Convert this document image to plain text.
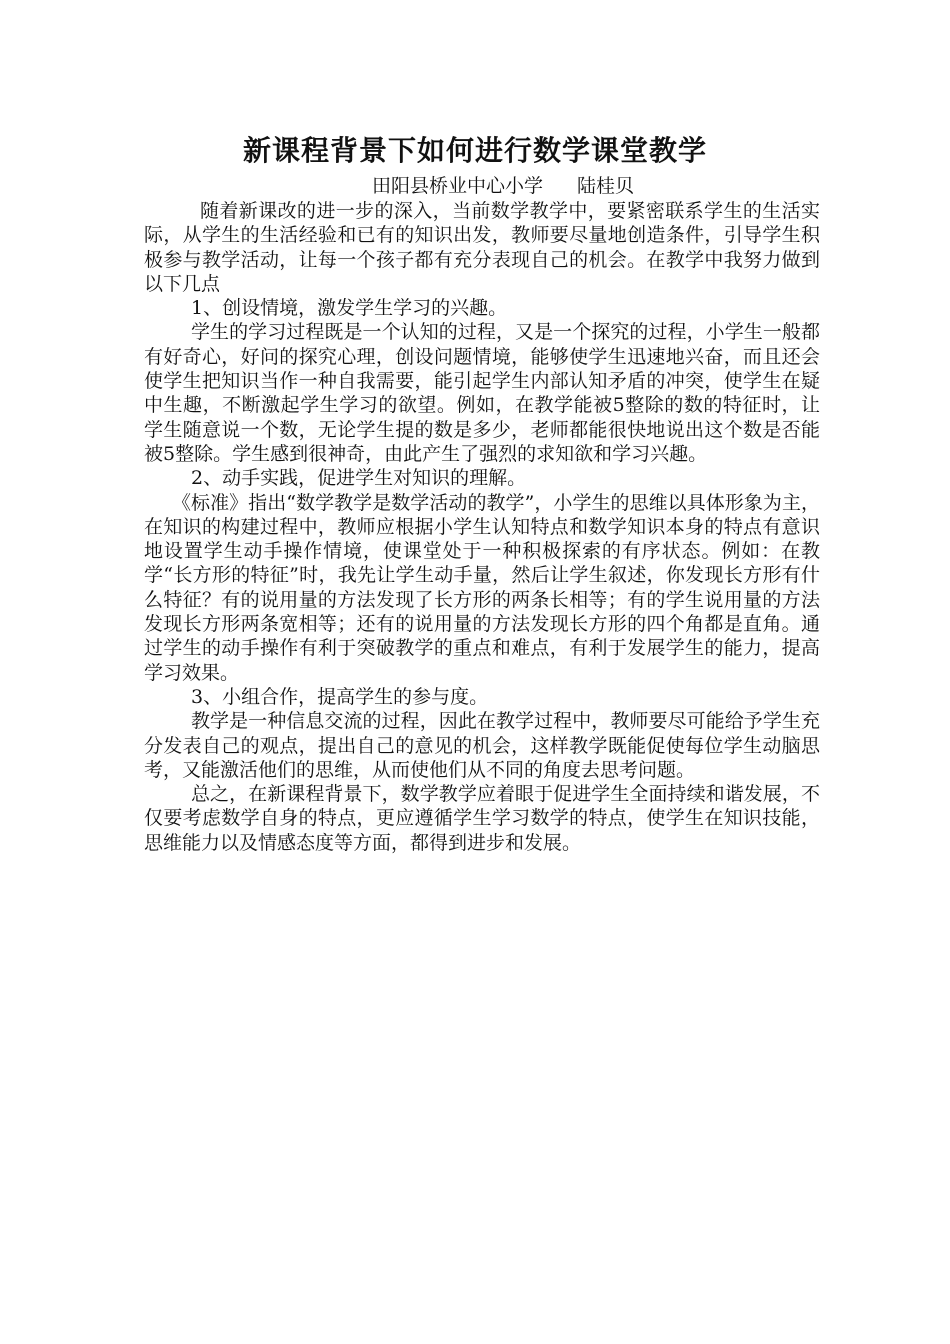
新课程背景下如何进行数学课堂教学
田阳县桥业中心小学 陆桂贝

随着新课改的进一步的深入，当前数学教学中，要紧密联系学生的生活实际，从学生的生活经验和已有的知识出发，教师要尽量地创造条件，引导学生积极参与教学活动，让每一个孩子都有充分表现自己的机会。在教学中我努力做到以下几点

1、创设情境，激发学生学习的兴趣。

学生的学习过程既是一个认知的过程，又是一个探究的过程，小学生一般都有好奇心，好问的探究心理，创设问题情境，能够使学生迅速地兴奋，而且还会使学生把知识当作一种自我需要，能引起学生内部认知矛盾的冲突，使学生在疑中生趣，不断激起学生学习的欲望。例如，在教学能被5整除的数的特征时，让学生随意说一个数，无论学生提的数是多少，老师都能很快地说出这个数是否能被5整除。学生感到很神奇，由此产生了强烈的求知欲和学习兴趣。

2、动手实践，促进学生对知识的理解。

《标准》指出“数学教学是数学活动的教学”，小学生的思维以具体形象为主，在知识的构建过程中，教师应根据小学生认知特点和数学知识本身的特点有意识地设置学生动手操作情境，使课堂处于一种积极探索的有序状态。例如：在教学“长方形的特征”时，我先让学生动手量，然后让学生叙述，你发现长方形有什么特征？有的说用量的方法发现了长方形的两条长相等；有的学生说用量的方法发现长方形两条宽相等；还有的说用量的方法发现长方形的四个角都是直角。通过学生的动手操作有利于突破教学的重点和难点，有利于发展学生的能力，提高学习效果。

3、小组合作，提高学生的参与度。

教学是一种信息交流的过程，因此在教学过程中，教师要尽可能给予学生充分发表自己的观点，提出自己的意见的机会，这样教学既能促使每位学生动脑思考，又能激活他们的思维，从而使他们从不同的角度去思考问题。

总之，在新课程背景下，数学教学应着眼于促进学生全面持续和谐发展，不仅要考虑数学自身的特点，更应遵循学生学习数学的特点，使学生在知识技能，思维能力以及情感态度等方面，都得到进步和发展。
